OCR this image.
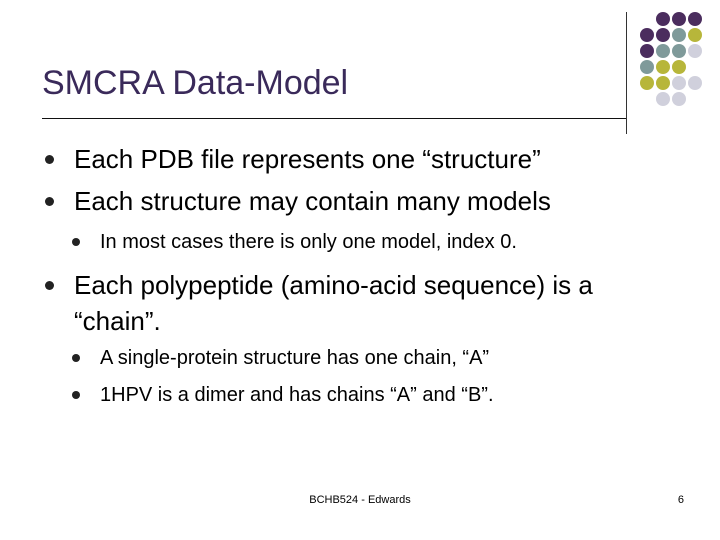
SMCRA Data-Model
Each PDB file represents one “structure”
Each structure may contain many models
In most cases there is only one model, index 0.
Each polypeptide (amino-acid sequence) is a
“chain”.
A single-protein structure has one chain, “A”
1HPV is a dimer and has chains “A” and “B”.
BCHB524 - Edwards	6
